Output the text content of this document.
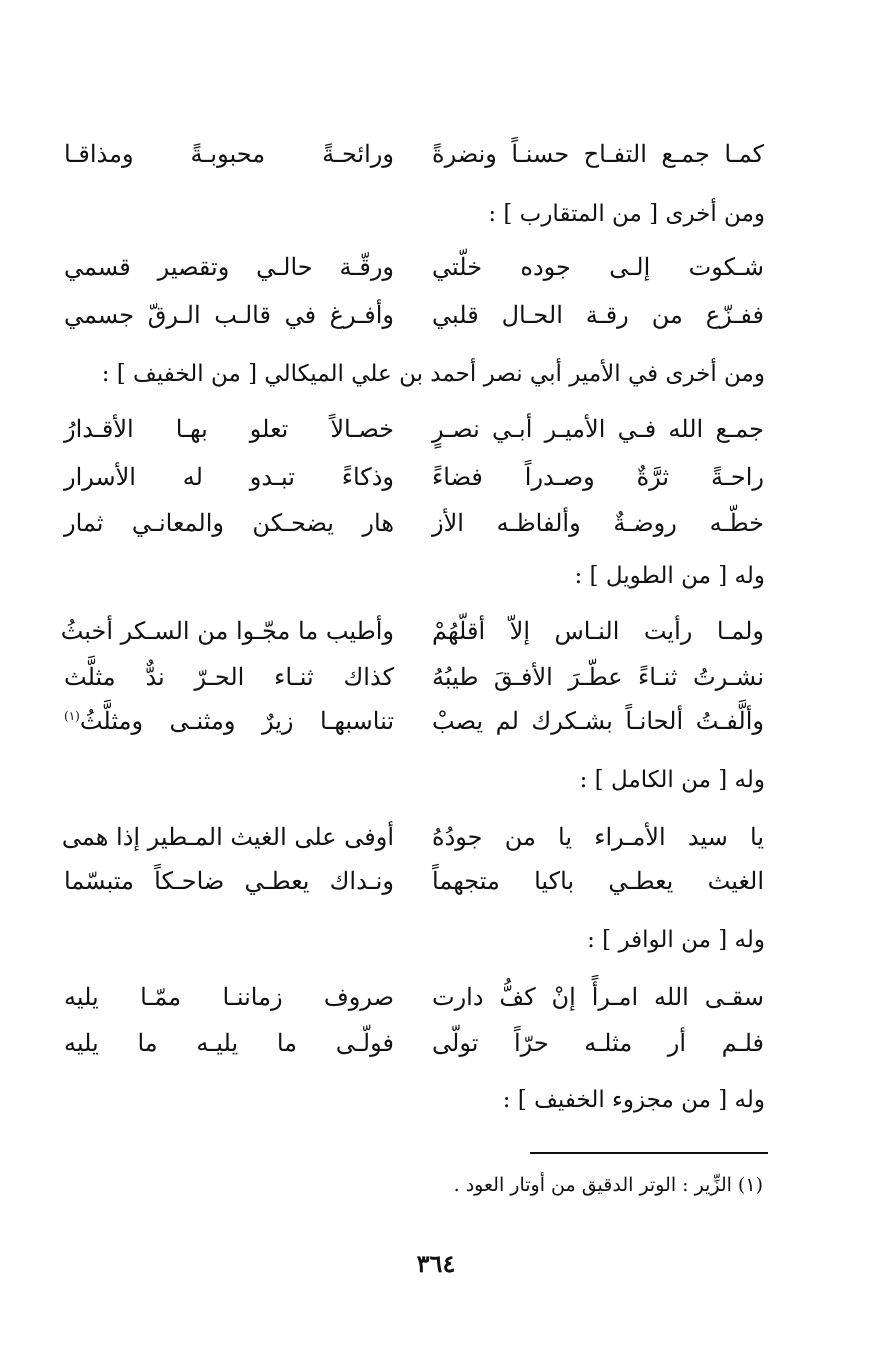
كمـا جمـع التفـاح حسنـاً ونضرةً
ورائحـةً محبوبـةً ومذاقـا
ومن أخرى [ من المتقارب ] :
شـكوت إلـى جوده خلّتي
ورقّـة حالـي وتقصير قسمي
ففـزّع من رقـة الحـال قلبي
وأفـرغ في قالـب الـرقّ جسمي
ومن أخرى في الأمير أبي نصر أحمد بن علي الميكالي [ من الخفيف ] :
جمـع الله فـي الأميـر أبـي نصـرٍ
خصـالاً تعلو بهـا الأقـدارُ
راحـةً ثرَّةٌ وصـدراً فضاءً
وذكاءً تبـدو له الأسرار
خطّـه روضـةٌ وألفاظـه الأز
هار يضحـكن والمعانـي ثمار
وله [ من الطويل ] :
ولمـا رأيت النـاس إلاّ أقلّهُمْ
وأطيب ما مجّـوا من السـكر أخبثُ
نشـرتُ ثنـاءً عطّـرَ الأفـقَ طيبُهُ
كذاك ثنـاء الحـرّ ندٌّ مثلَّث
وألَّفـتُ ألحانـاً بشـكرك لم يصبْ
تناسبهـا زيرٌ ومثنـى ومثلَّثُ$^{(١)}$
وله [ من الكامل ] :
يا سيد الأمـراء يا من جودُهُ
أوفى على الغيث المـطير إذا همى
الغيث يعطـي باكيا متجهماً
ونـداك يعطـي ضاحـكاً متبسّما
وله [ من الوافر ] :
سقـى الله امـرأً إنْ كفُّ دارت
صروف زماننـا ممّـا يليه
فلـم أر مثلـه حرّاً تولّى
فولّـى ما يليـه ما يليه
وله [ من مجزوء الخفيف ] :
(١) الزِّير : الوتر الدقيق من أوتار العود .
٣٦٤
